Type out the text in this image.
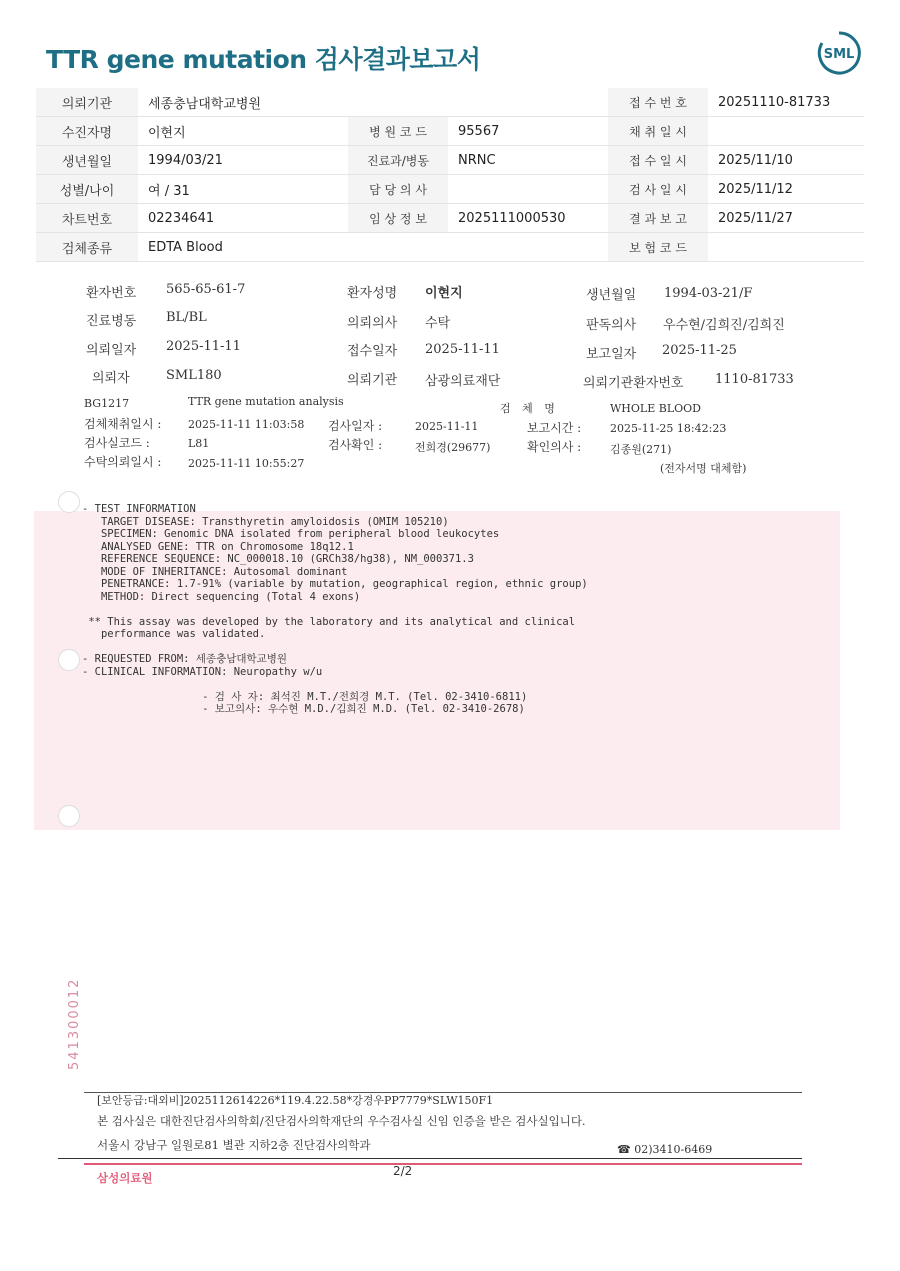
TTR gene mutation 검사결과보고서	SML
의뢰기관	세종충남대학교병원			접 수 번 호	20251110-81733
수진자명	이현지	병 원 코 드	95567	채 취 일 시	
생년월일	1994/03/21	진료과/병동	NRNC	접 수 일 시	2025/11/10
성별/나이	여 / 31	담 당 의 사		검 사 일 시	2025/11/12
차트번호	02234641	임 상 정 보	2025111000530	결 과 보 고	2025/11/27
검체종류	EDTA Blood			보 험 코 드	
환자번호 565-65-61-7	환자성명 이현지	생년월일 1994-03-21/F
진료병동 BL/BL	의뢰의사 수탁	판독의사 우수현/김희진/김희진
의뢰일자 2025-11-11	접수일자 2025-11-11	보고일자 2025-11-25
의뢰자	SML180	의뢰기관 삼광의료재단	의뢰기관환자번호 1110-81733
BG1217	TTR gene mutation analysis
검 체 명	WHOLE BLOOD
검체채취일시 : 2025-11-11 11:03:58 검사일자 :	2025-11-11	보고시간 :	2025-11-25 18:42:23
검사실코드 :	L81	검사확인 :	전희경(29677)	확인의사 :	김종원(271)
수탁의뢰일시 : 2025-11-11 10:55:27	(전자서명 대체함)
- TEST INFORMATION
TARGET DISEASE: Transthyretin amyloidosis (OMIM 105210)
SPECIMEN: Genomic DNA isolated from peripheral blood leukocytes
ANALYSED GENE: TTR on Chromosome 18q12.1
REFERENCE SEQUENCE: NC_000018.10 (GRCh38/hg38), NM_000371.3
MODE OF INHERITANCE: Autosomal dominant
PENETRANCE: 1.7-91% (variable by mutation, geographical region, ethnic group)
METHOD: Direct sequencing (Total 4 exons)

** This assay was developed by the laboratory and its analytical and clinical
performance was validated.

- REQUESTED FROM: 세종충남대학교병원
- CLINICAL INFORMATION: Neuropathy w/u

- 검 사 자: 최석진 M.T./전희경 M.T. (Tel. 02-3410-6811)
- 보고의사: 우수현 M.D./김희진 M.D. (Tel. 02-3410-2678)
541300012
[보안등급:대외비]2025112614226*119.4.22.58*강경우PP7779*SLW150F1
본 검사실은 대한진단검사의학회/진단검사의학재단의 우수검사실 신임 인증을 받은 검사실입니다.
서울시 강남구 일원로81 별관 지하2층 진단검사의학과	☎ 02)3410-6469
삼성의료원	2/2
